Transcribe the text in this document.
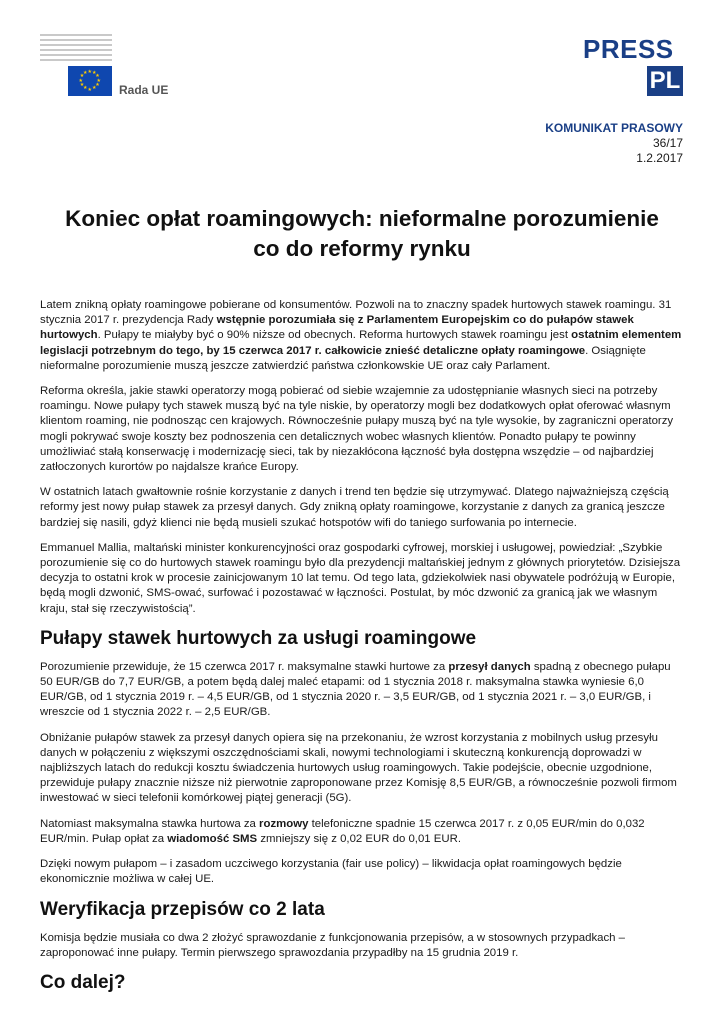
★ ★
★
★
★
★
★
★
★
★
★
★
Rada UE
PRESS
PL
KOMUNIKAT PRASOWY
36/17
1.2.2017
Koniec opłat roamingowych: nieformalne porozumienie
co do reformy rynku

Latem znikną opłaty roamingowe pobierane od konsumentów. Pozwoli na to znaczny spadek hurtowych stawek roamingu. 31 stycznia 2017 r. prezydencja Rady wstępnie porozumiała się z Parlamentem Europejskim co do pułapów stawek hurtowych. Pułapy te miałyby być o 90% niższe od obecnych. Reforma hurtowych stawek roamingu jest ostatnim elementem legislacji potrzebnym do tego, by 15 czerwca 2017 r. całkowicie znieść detaliczne opłaty roamingowe. Osiągnięte nieformalne porozumienie muszą jeszcze zatwierdzić państwa członkowskie UE oraz cały Parlament.

Reforma określa, jakie stawki operatorzy mogą pobierać od siebie wzajemnie za udostępnianie własnych sieci na potrzeby roamingu. Nowe pułapy tych stawek muszą być na tyle niskie, by operatorzy mogli bez dodatkowych opłat oferować własnym klientom roaming, nie podnosząc cen krajowych. Równocześnie pułapy muszą być na tyle wysokie, by zagraniczni operatorzy mogli pokrywać swoje koszty bez podnoszenia cen detalicznych wobec własnych klientów. Ponadto pułapy te powinny umożliwiać stałą konserwację i modernizację sieci, tak by niezakłócona łączność była dostępna wszędzie – od najbardziej zatłoczonych kurortów po najdalsze krańce Europy.

W ostatnich latach gwałtownie rośnie korzystanie z danych i trend ten będzie się utrzymywać. Dlatego najważniejszą częścią reformy jest nowy pułap stawek za przesył danych. Gdy znikną opłaty roamingowe, korzystanie z danych za granicą jeszcze bardziej się nasili, gdyż klienci nie będą musieli szukać hotspotów wifi do taniego surfowania po internecie.

Emmanuel Mallia, maltański minister konkurencyjności oraz gospodarki cyfrowej, morskiej i usługowej, powiedział: „Szybkie porozumienie się co do hurtowych stawek roamingu było dla prezydencji maltańskiej jednym z głównych priorytetów. Dzisiejsza decyzja to ostatni krok w procesie zainicjowanym 10 lat temu. Od tego lata, gdziekolwiek nasi obywatele podróżują w Europie, będą mogli dzwonić, SMS-ować, surfować i pozostawać w łączności. Postulat, by móc dzwonić za granicą jak we własnym kraju, stał się rzeczywistością”.

Pułapy stawek hurtowych za usługi roamingowe

Porozumienie przewiduje, że 15 czerwca 2017 r. maksymalne stawki hurtowe za przesył danych spadną z obecnego pułapu 50 EUR/GB do 7,7 EUR/GB, a potem będą dalej maleć etapami: od 1 stycznia 2018 r. maksymalna stawka wyniesie 6,0 EUR/GB, od 1 stycznia 2019 r. – 4,5 EUR/GB, od 1 stycznia 2020 r. – 3,5 EUR/GB, od 1 stycznia 2021 r. – 3,0 EUR/GB, i wreszcie od 1 stycznia 2022 r. – 2,5 EUR/GB.

Obniżanie pułapów stawek za przesył danych opiera się na przekonaniu, że wzrost korzystania z mobilnych usług przesyłu danych w połączeniu z większymi oszczędnościami skali, nowymi technologiami i skuteczną konkurencją doprowadzi w najbliższych latach do redukcji kosztu świadczenia hurtowych usług roamingowych. Takie podejście, obecnie uzgodnione, przewiduje pułapy znacznie niższe niż pierwotnie zaproponowane przez Komisję 8,5 EUR/GB, a równocześnie pozwoli firmom inwestować w sieci telefonii komórkowej piątej generacji (5G).

Natomiast maksymalna stawka hurtowa za rozmowy telefoniczne spadnie 15 czerwca 2017 r. z 0,05 EUR/min do 0,032 EUR/min. Pułap opłat za wiadomość SMS zmniejszy się z 0,02 EUR do 0,01 EUR.

Dzięki nowym pułapom – i zasadom uczciwego korzystania (fair use policy) – likwidacja opłat roamingowych będzie ekonomicznie możliwa w całej UE.

Weryfikacja przepisów co 2 lata

Komisja będzie musiała co dwa 2 złożyć sprawozdanie z funkcjonowania przepisów, a w stosownych przypadkach – zaproponować inne pułapy. Termin pierwszego sprawozdania przypadłby na 15 grudnia 2019 r.

Co dalej?
